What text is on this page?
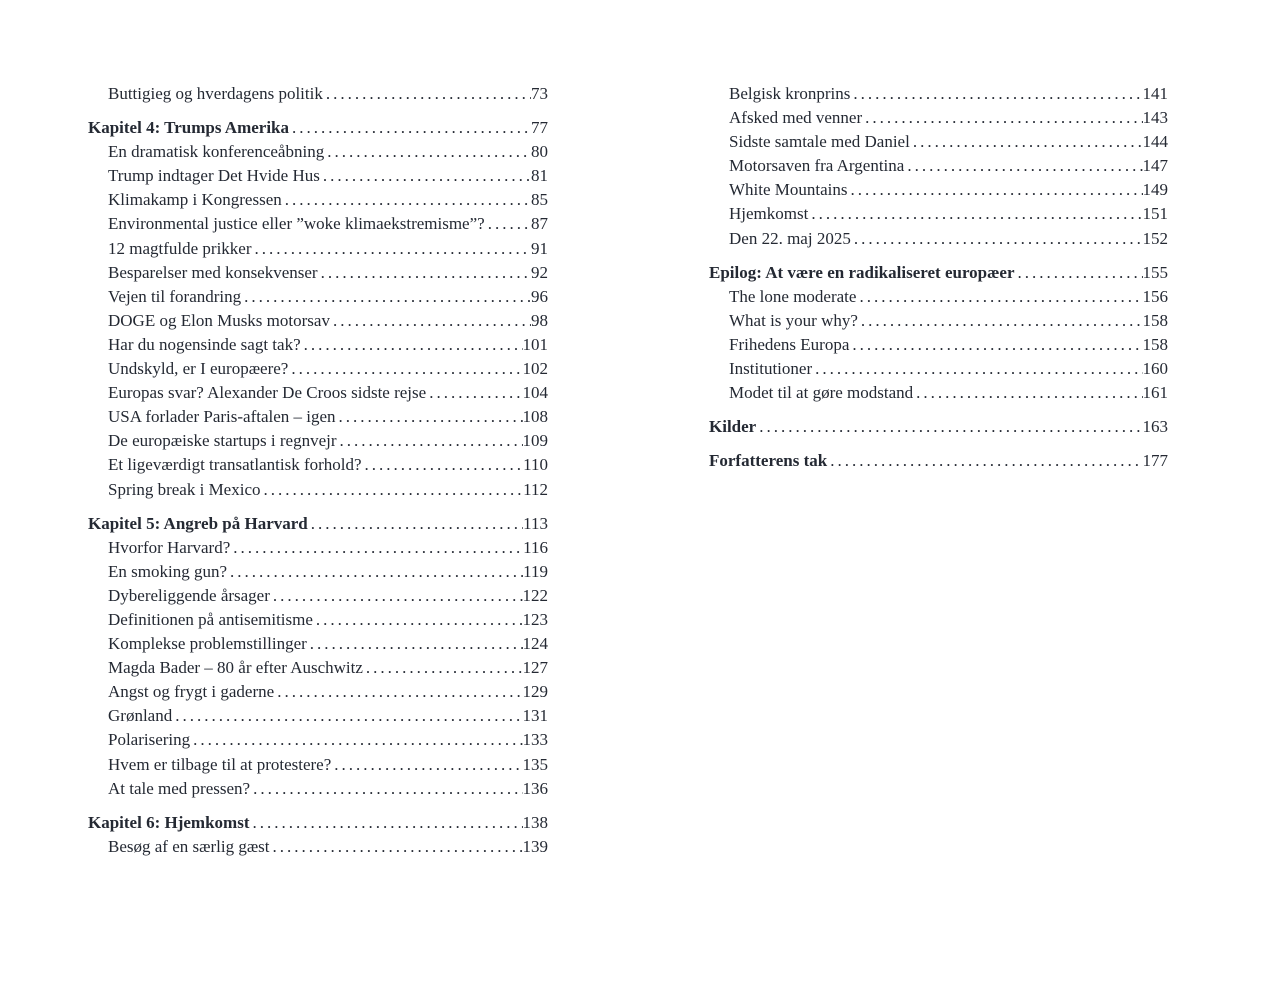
Buttigieg og hverdagens politik .....	73
Kapitel 4: Trumps Amerika .....	77
En dramatisk konferenceåbning .....	80
Trump indtager Det Hvide Hus .....	81
Klimakamp i Kongressen .....	85
Environmental justice eller ”woke klimaekstremisme”? .....	87
12 magtfulde prikker .....	91
Besparelser med konsekvenser .....	92
Vejen til forandring .....	96
DOGE og Elon Musks motorsav .....	98
Har du nogensinde sagt tak? .....	101
Undskyld, er I europæere? .....	102
Europas svar? Alexander De Croos sidste rejse .....	104
USA forlader Paris-aftalen – igen .....	108
De europæiske startups i regnvejr .....	109
Et ligeværdigt transatlantisk forhold? .....	110
Spring break i Mexico .....	112
Kapitel 5: Angreb på Harvard .....	113
Hvorfor Harvard? .....	116
En smoking gun? .....	119
Dybereliggende årsager .....	122
Definitionen på antisemitisme .....	123
Komplekse problemstillinger .....	124
Magda Bader – 80 år efter Auschwitz .....	127
Angst og frygt i gaderne .....	129
Grønland .....	131
Polarisering .....	133
Hvem er tilbage til at protestere? .....	135
At tale med pressen? .....	136
Kapitel 6: Hjemkomst .....	138
Besøg af en særlig gæst .....	139
Belgisk kronprins .....	141
Afsked med venner .....	143
Sidste samtale med Daniel .....	144
Motorsaven fra Argentina .....	147
White Mountains .....	149
Hjemkomst .....	151
Den 22. maj 2025 .....	152
Epilog: At være en radikaliseret europæer .....	155
The lone moderate .....	156
What is your why? .....	158
Frihedens Europa .....	158
Institutioner .....	160
Modet til at gøre modstand .....	161
Kilder .....	163
Forfatterens tak .....	177
